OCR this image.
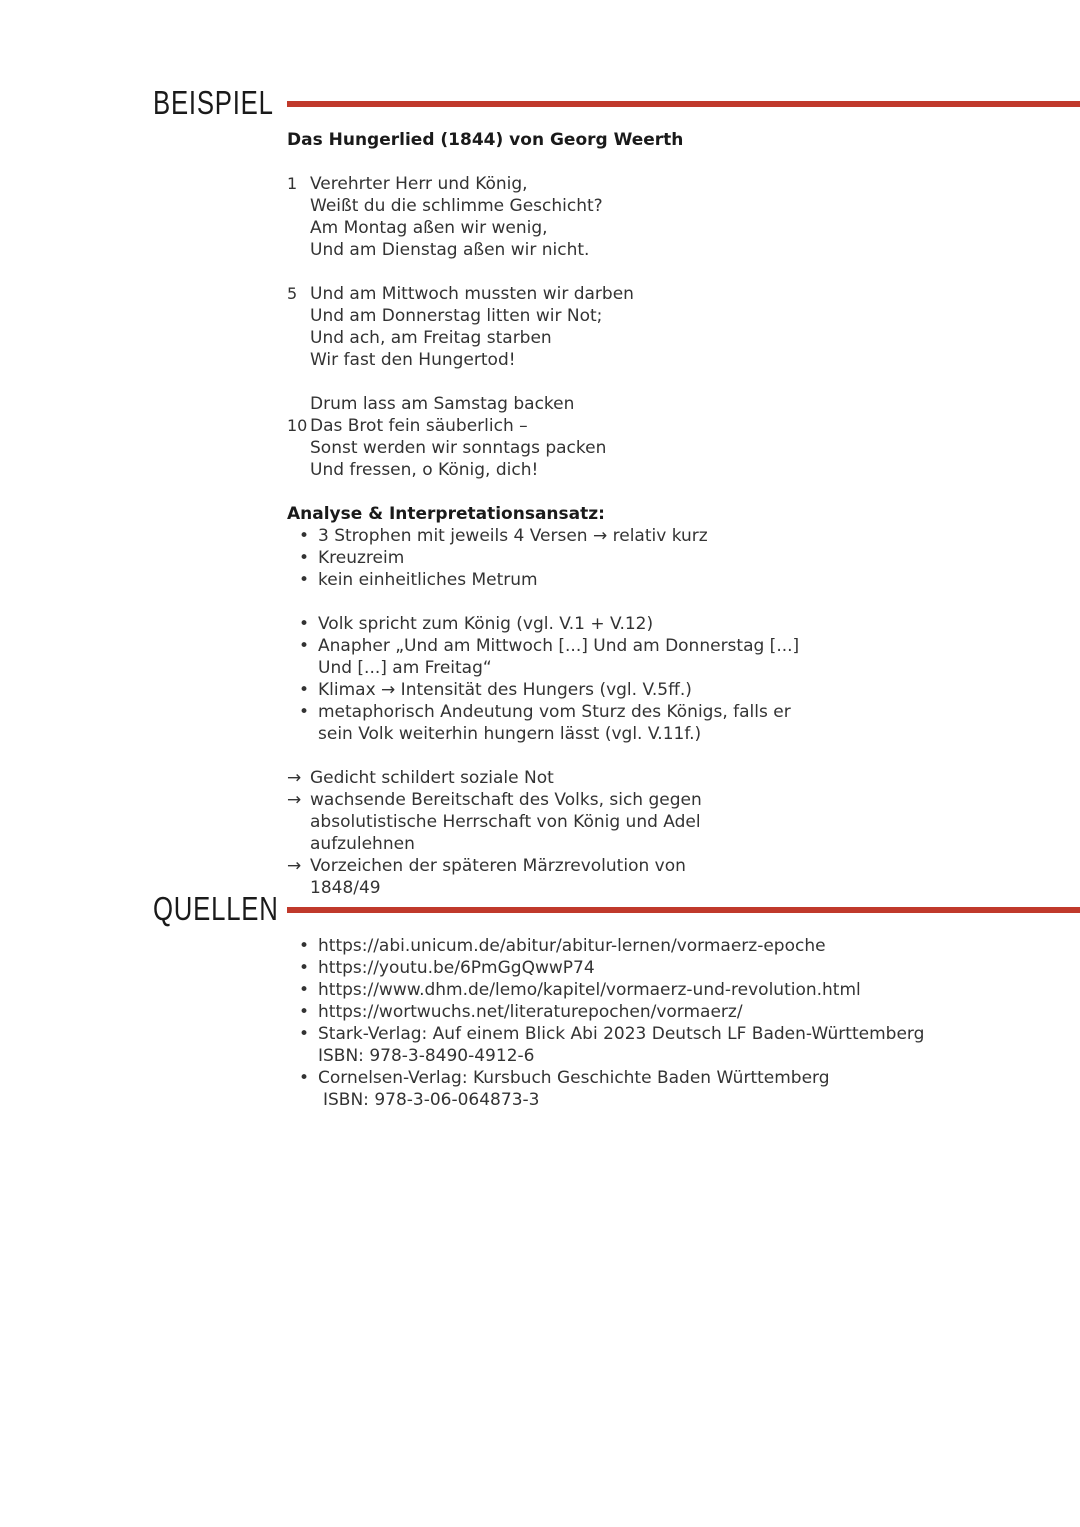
BEISPIEL
Das Hungerlied (1844) von Georg Weerth
1 Verehrter Herr und König,
Weißt du die schlimme Geschicht?
Am Montag aßen wir wenig,
Und am Dienstag aßen wir nicht.
5 Und am Mittwoch mussten wir darben
Und am Donnerstag litten wir Not;
Und ach, am Freitag starben
Wir fast den Hungertod!
Drum lass am Samstag backen
10 Das Brot fein säuberlich –
Sonst werden wir sonntags packen
Und fressen, o König, dich!
Analyse & Interpretationsansatz:
• 3 Strophen mit jeweils 4 Versen → relativ kurz
• Kreuzreim
• kein einheitliches Metrum
• Volk spricht zum König (vgl. V.1 + V.12)
• Anapher „Und am Mittwoch [...] Und am Donnerstag [...] Und [...] am Freitag“
• Klimax → Intensität des Hungers (vgl. V.5ff.)
• metaphorisch Andeutung vom Sturz des Königs, falls er sein Volk weiterhin hungern lässt (vgl. V.11f.)
→ Gedicht schildert soziale Not
→ wachsende Bereitschaft des Volks, sich gegen absolutistische Herrschaft von König und Adel aufzulehnen
→ Vorzeichen der späteren Märzrevolution von 1848/49
QUELLEN
• https://abi.unicum.de/abitur/abitur-lernen/vormaerz-epoche
• https://youtu.be/6PmGgQwwP74
• https://www.dhm.de/lemo/kapitel/vormaerz-und-revolution.html
• https://wortwuchs.net/literaturepochen/vormaerz/
• Stark-Verlag: Auf einem Blick Abi 2023 Deutsch LF Baden-Württemberg
ISBN: 978-3-8490-4912-6
• Cornelsen-Verlag: Kursbuch Geschichte Baden Württemberg
ISBN: 978-3-06-064873-3
